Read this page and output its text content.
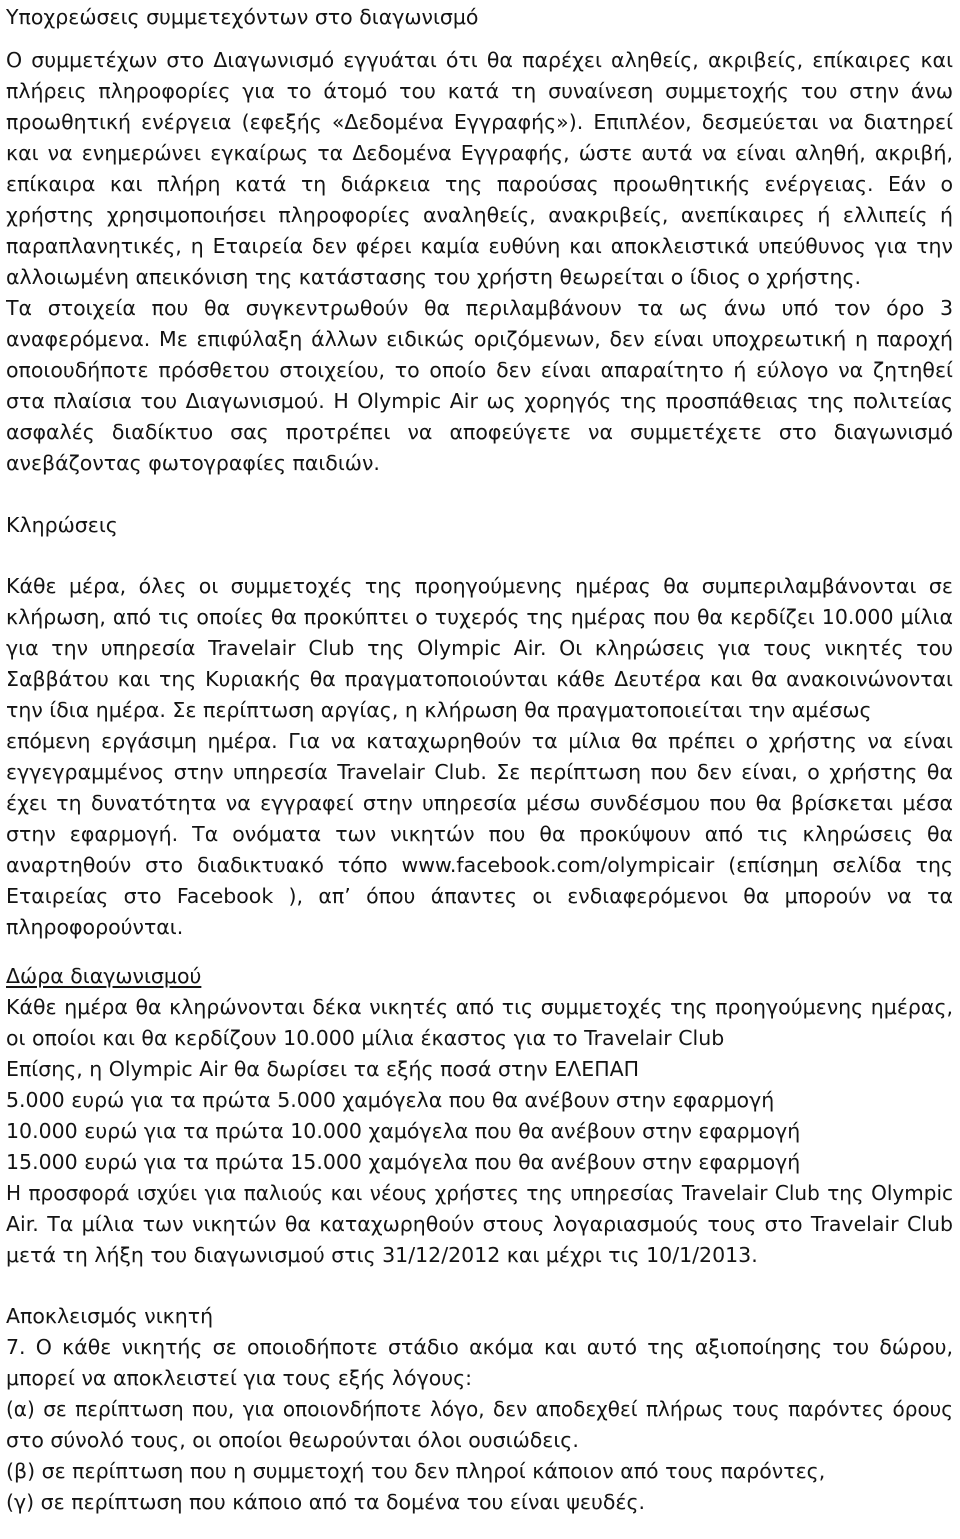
Υποχρεώσεις συμμετεχόντων στο διαγωνισμό
Ο συμμετέχων στο Διαγωνισμό εγγυάται ότι θα παρέχει αληθείς, ακριβείς, επίκαιρες και
πλήρεις πληροφορίες για το άτομό του κατά τη συναίνεση συμμετοχής του στην άνω
προωθητική ενέργεια (εφεξής «Δεδομένα Εγγραφής»). Επιπλέον, δεσμεύεται να διατηρεί
και να ενημερώνει εγκαίρως τα Δεδομένα Εγγραφής, ώστε αυτά να είναι αληθή, ακριβή,
επίκαιρα και πλήρη κατά τη διάρκεια της παρούσας προωθητικής ενέργειας. Εάν ο
χρήστης χρησιμοποιήσει πληροφορίες αναληθείς, ανακριβείς, ανεπίκαιρες ή ελλιπείς ή
παραπλανητικές, η Εταιρεία δεν φέρει καμία ευθύνη και αποκλειστικά υπεύθυνος για την
αλλοιωμένη απεικόνιση της κατάστασης του χρήστη θεωρείται ο ίδιος ο χρήστης.
Τα στοιχεία που θα συγκεντρωθούν θα περιλαμβάνουν τα ως άνω υπό τον όρο 3
αναφερόμενα. Με επιφύλαξη άλλων ειδικώς οριζόμενων, δεν είναι υποχρεωτική η παροχή
οποιουδήποτε πρόσθετου στοιχείου, το οποίο δεν είναι απαραίτητο ή εύλογο να ζητηθεί
στα πλαίσια του Διαγωνισμού. Η Olympic Air ως χορηγός της προσπάθειας της πολιτείας
ασφαλές διαδίκτυο σας προτρέπει να αποφεύγετε να συμμετέχετε στο διαγωνισμό
ανεβάζοντας φωτογραφίες παιδιών.
Κληρώσεις
Κάθε μέρα, όλες οι συμμετοχές της προηγούμενης ημέρας θα συμπεριλαμβάνονται σε
κλήρωση, από τις οποίες θα προκύπτει ο τυχερός της ημέρας που θα κερδίζει 10.000 μίλια
για την υπηρεσία Travelair Club της Olympic Air. Οι κληρώσεις για τους νικητές του
Σαββάτου και της Κυριακής θα πραγματοποιούνται κάθε Δευτέρα και θα ανακοινώνονται
την ίδια ημέρα. Σε περίπτωση αργίας, η κλήρωση θα πραγματοποιείται την αμέσως
επόμενη εργάσιμη ημέρα. Για να καταχωρηθούν τα μίλια θα πρέπει ο χρήστης να είναι
εγγεγραμμένος στην υπηρεσία Travelair Club. Σε περίπτωση που δεν είναι, ο χρήστης θα
έχει τη δυνατότητα να εγγραφεί στην υπηρεσία μέσω συνδέσμου που θα βρίσκεται μέσα
στην εφαρμογή. Τα ονόματα των νικητών που θα προκύψουν από τις κληρώσεις θα
αναρτηθούν στο διαδικτυακό τόπο www.facebook.com/olympicair (επίσημη σελίδα της
Εταιρείας στο Facebook ), απ’ όπου άπαντες οι ενδιαφερόμενοι θα μπορούν να τα
πληροφορούνται.
Δώρα διαγωνισμού
Κάθε ημέρα θα κληρώνονται δέκα νικητές από τις συμμετοχές της προηγούμενης ημέρας,
οι οποίοι και θα κερδίζουν 10.000 μίλια έκαστος για το Travelair Club
Επίσης, η Olympic Air θα δωρίσει τα εξής ποσά στην ΕΛΕΠΑΠ
5.000 ευρώ για τα πρώτα 5.000 χαμόγελα που θα ανέβουν στην εφαρμογή
10.000 ευρώ για τα πρώτα 10.000 χαμόγελα που θα ανέβουν στην εφαρμογή
15.000 ευρώ για τα πρώτα 15.000 χαμόγελα που θα ανέβουν στην εφαρμογή
Η προσφορά ισχύει για παλιούς και νέους χρήστες της υπηρεσίας Travelair Club της Olympic
Air. Τα μίλια των νικητών θα καταχωρηθούν στους λογαριασμούς τους στο Travelair Club
μετά τη λήξη του διαγωνισμού στις 31/12/2012 και μέχρι τις 10/1/2013.
Αποκλεισμός νικητή
7. Ο κάθε νικητής σε οποιοδήποτε στάδιο ακόμα και αυτό της αξιοποίησης του δώρου,
μπορεί να αποκλειστεί για τους εξής λόγους:
(α) σε περίπτωση που, για οποιονδήποτε λόγο, δεν αποδεχθεί πλήρως τους παρόντες όρους
στο σύνολό τους, οι οποίοι θεωρούνται όλοι ουσιώδεις.
(β) σε περίπτωση που η συμμετοχή του δεν πληροί κάποιον από τους παρόντες,
(γ) σε περίπτωση που κάποιο από τα δομένα του είναι ψευδές.
